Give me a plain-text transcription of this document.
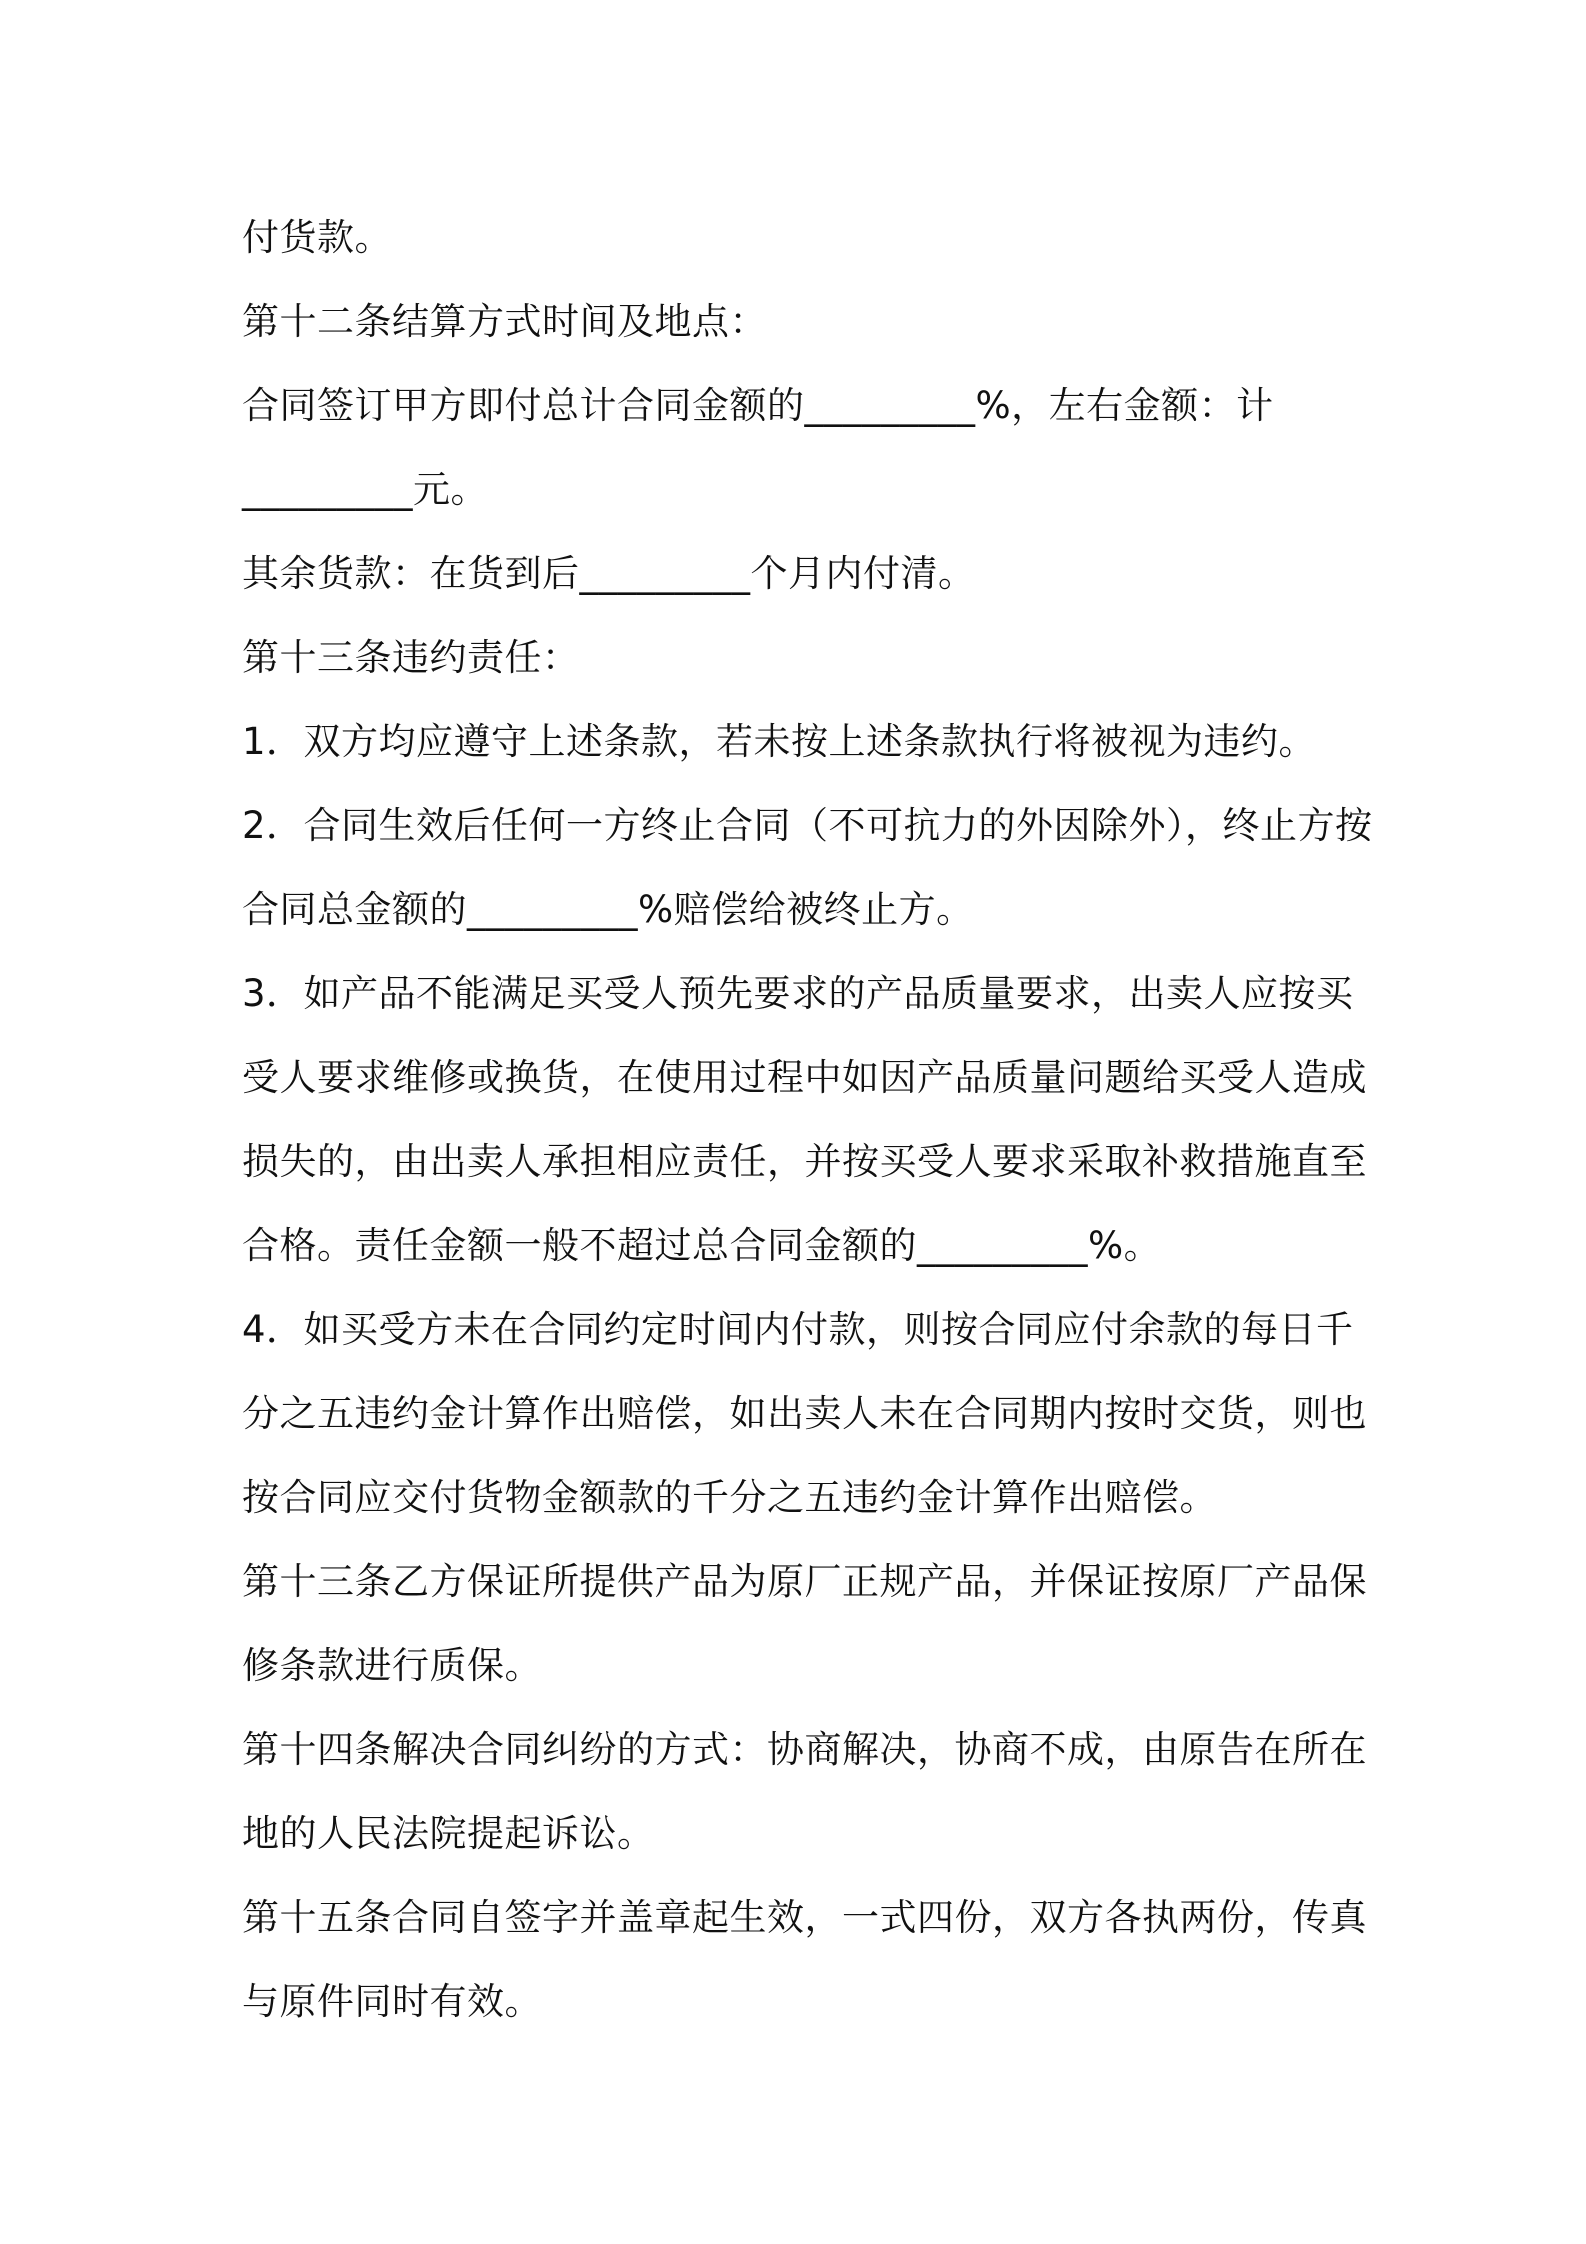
付货款。
第十二条结算方式时间及地点：
合同签订甲方即付总计合同金额的_________%，左右金额：计
_________元。
其余货款：在货到后_________个月内付清。
第十三条违约责任：
1．双方均应遵守上述条款，若未按上述条款执行将被视为违约。
2．合同生效后任何一方终止合同（不可抗力的外因除外），终止方按
合同总金额的_________%赔偿给被终止方。
3．如产品不能满足买受人预先要求的产品质量要求，出卖人应按买
受人要求维修或换货，在使用过程中如因产品质量问题给买受人造成
损失的，由出卖人承担相应责任，并按买受人要求采取补救措施直至
合格。责任金额一般不超过总合同金额的_________%。
4．如买受方未在合同约定时间内付款，则按合同应付余款的每日千
分之五违约金计算作出赔偿，如出卖人未在合同期内按时交货，则也
按合同应交付货物金额款的千分之五违约金计算作出赔偿。
第十三条乙方保证所提供产品为原厂正规产品，并保证按原厂产品保
修条款进行质保。
第十四条解决合同纠纷的方式：协商解决，协商不成，由原告在所在
地的人民法院提起诉讼。
第十五条合同自签字并盖章起生效，一式四份，双方各执两份，传真
与原件同时有效。
